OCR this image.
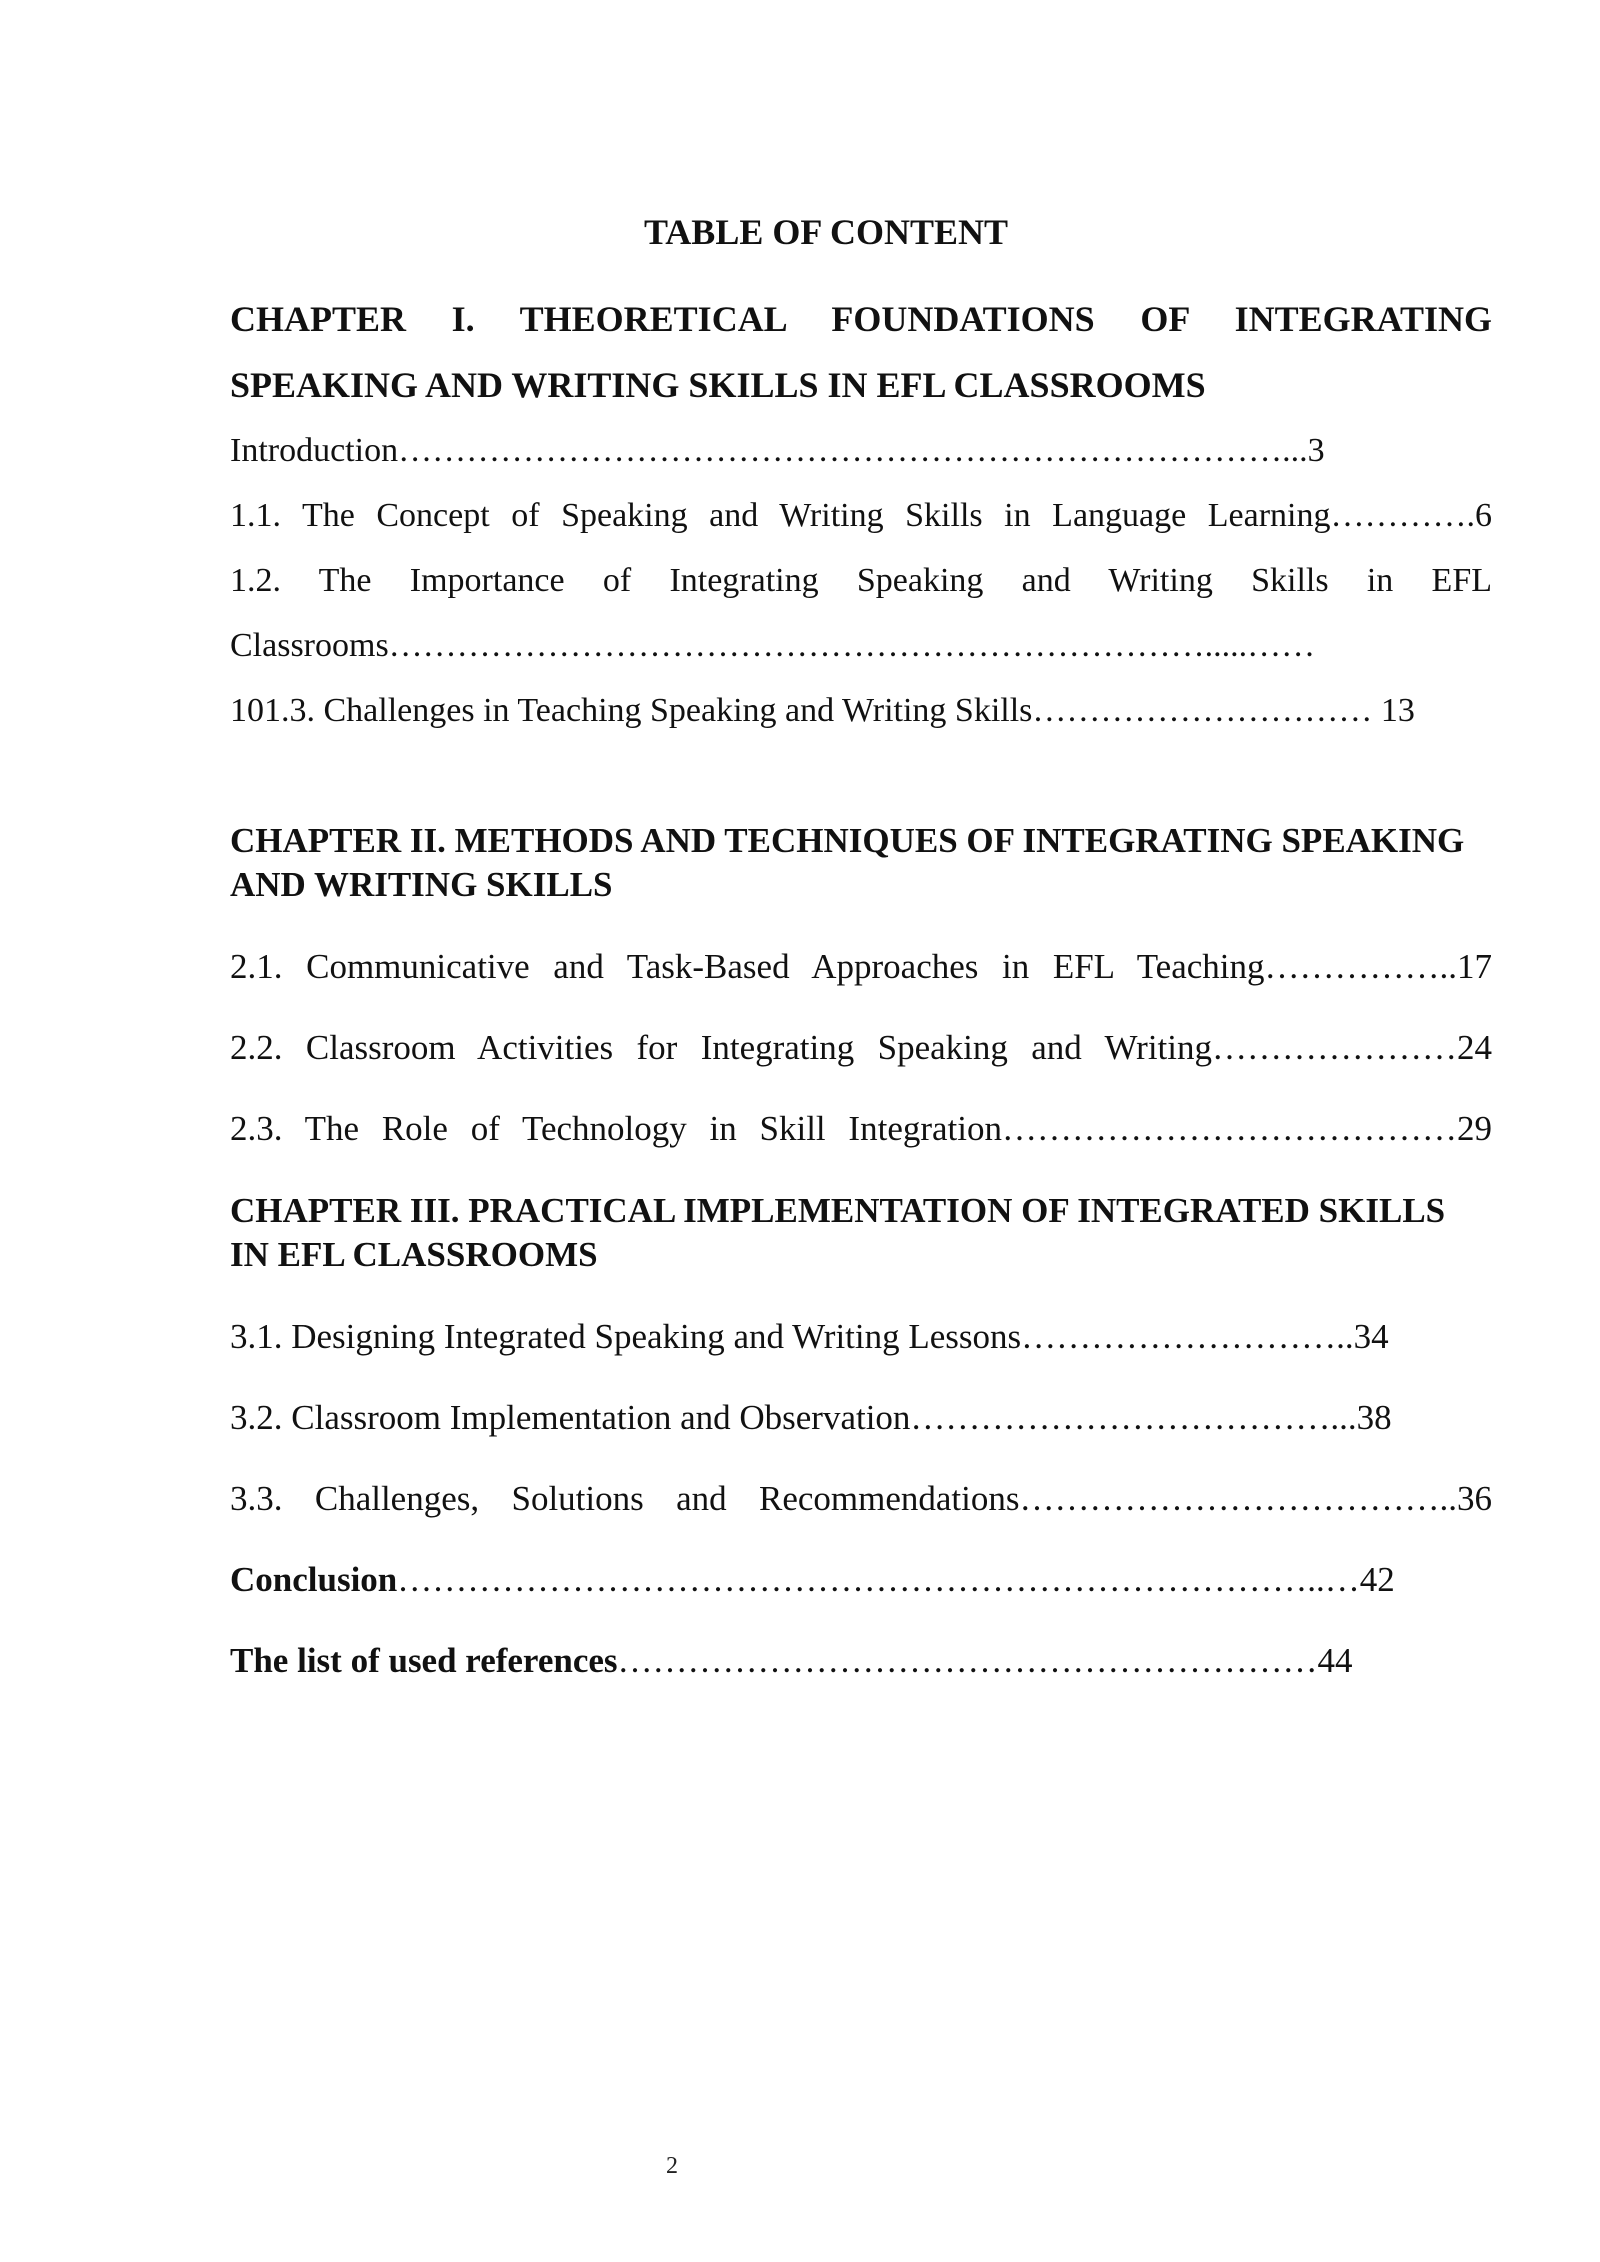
TABLE OF CONTENT

CHAPTER I. THEORETICAL FOUNDATIONS OF INTEGRATING SPEAKING AND WRITING SKILLS IN EFL CLASSROOMS

Introduction……………………………………………………………………...3

1.1. The Concept of Speaking and Writing Skills in Language Learning………….6

1.2. The Importance of Integrating Speaking and Writing Skills in EFL Classrooms……………………………………………………………….....……

101.3. Challenges in Teaching Speaking and Writing Skills………………………… 13

CHAPTER II. METHODS AND TECHNIQUES OF INTEGRATING SPEAKING AND WRITING SKILLS

2.1. Communicative and Task-Based Approaches in EFL Teaching……………..17

2.2. Classroom Activities for Integrating Speaking and Writing…………………24

2.3. The Role of Technology in Skill Integration…………………………………29

CHAPTER III. PRACTICAL IMPLEMENTATION OF INTEGRATED SKILLS IN EFL CLASSROOMS

3.1. Designing Integrated Speaking and Writing Lessons………………………..34

3.2. Classroom Implementation and Observation………………………………...38

3.3. Challenges, Solutions and Recommendations………………………………..36

Conclusion……………………………………………………………………..…42

The list of used references……………………………………………………44

2
